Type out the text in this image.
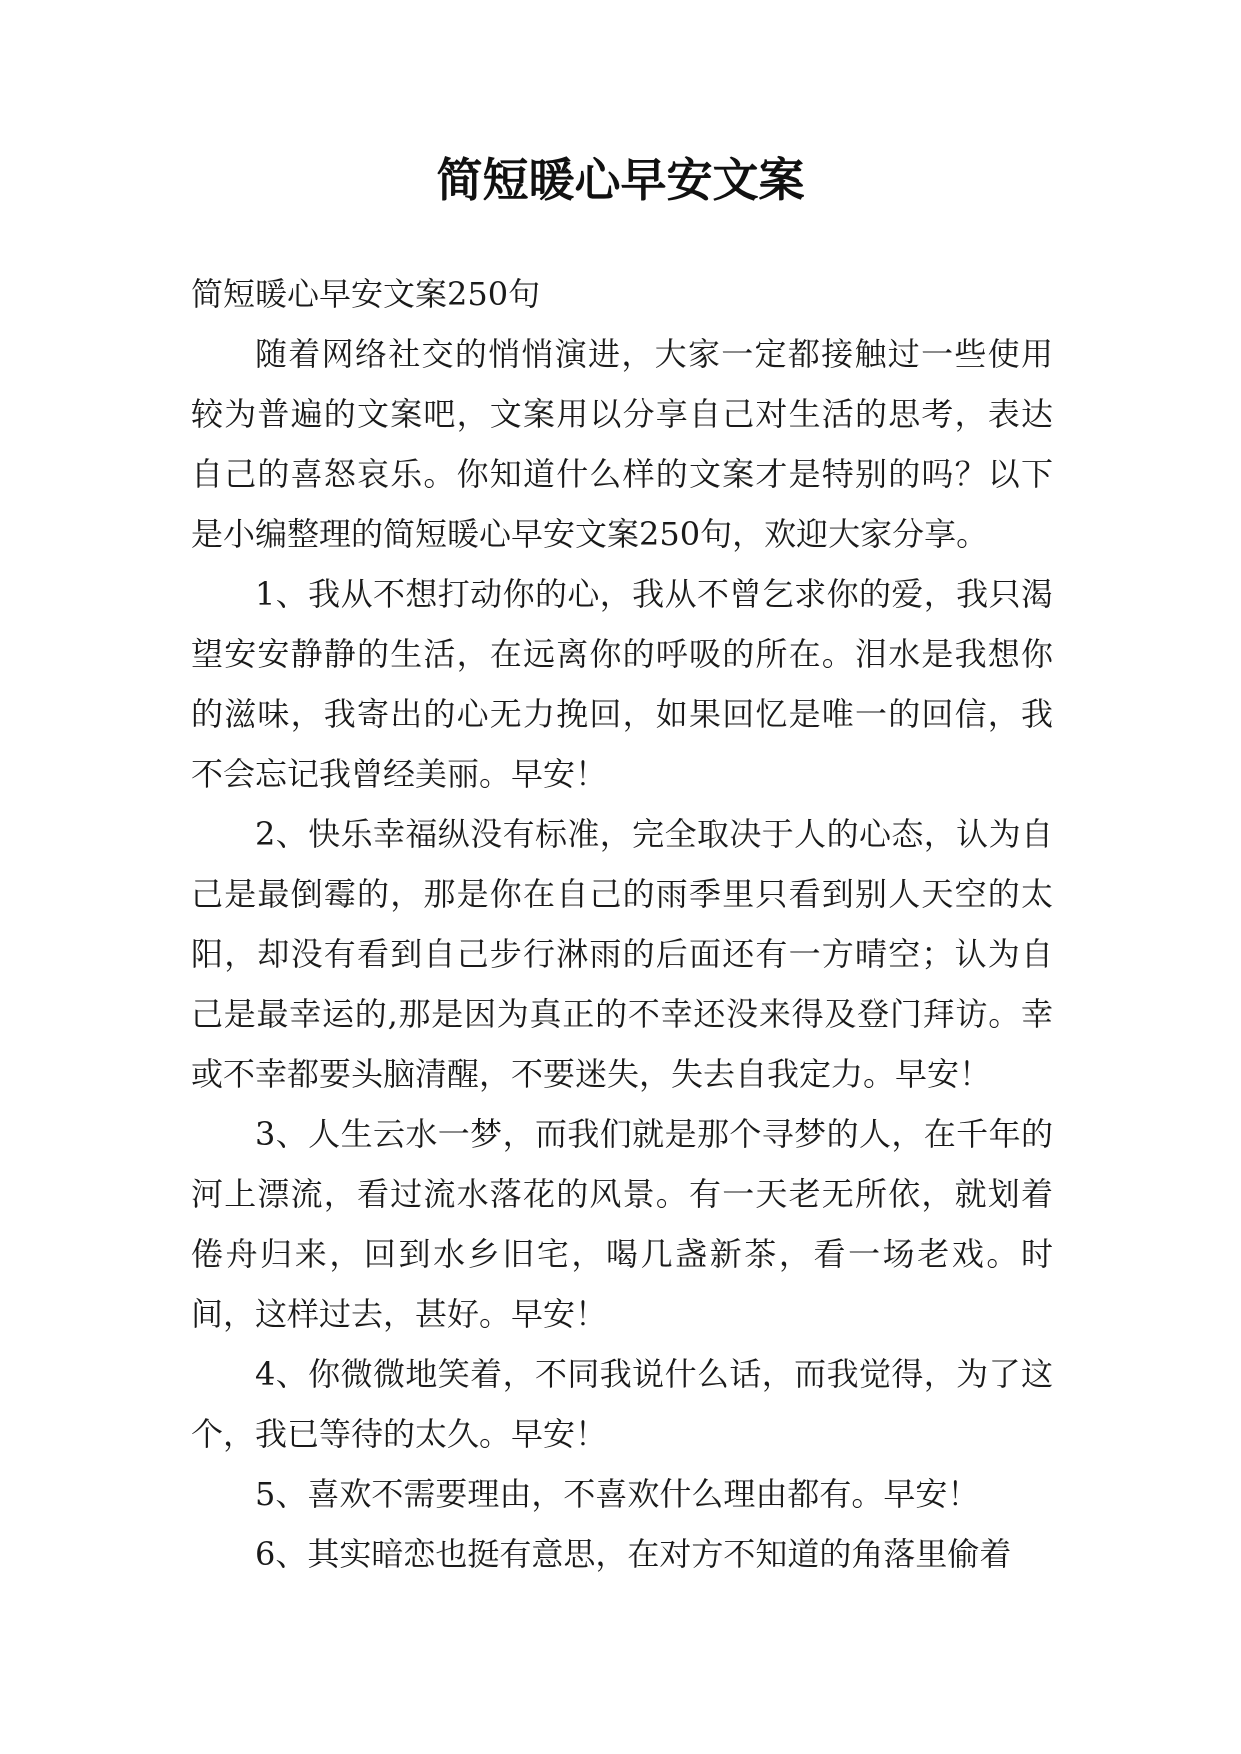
简短暖心早安文案

简短暖心早安文案250句

随着网络社交的悄悄演进，大家一定都接触过一些使用较为普遍的文案吧，文案用以分享自己对生活的思考，表达自己的喜怒哀乐。你知道什么样的文案才是特别的吗？以下是小编整理的简短暖心早安文案250句，欢迎大家分享。

1、我从不想打动你的心，我从不曾乞求你的爱，我只渴望安安静静的生活，在远离你的呼吸的所在。泪水是我想你的滋味，我寄出的心无力挽回，如果回忆是唯一的回信，我不会忘记我曾经美丽。早安！

2、快乐幸福纵没有标准，完全取决于人的心态，认为自己是最倒霉的，那是你在自己的雨季里只看到别人天空的太阳，却没有看到自己步行淋雨的后面还有一方晴空；认为自己是最幸运的,那是因为真正的不幸还没来得及登门拜访。幸或不幸都要头脑清醒，不要迷失，失去自我定力。早安！

3、人生云水一梦，而我们就是那个寻梦的人，在千年的河上漂流，看过流水落花的风景。有一天老无所依，就划着倦舟归来，回到水乡旧宅，喝几盏新茶，看一场老戏。时间，这样过去，甚好。早安！

4、你微微地笑着，不同我说什么话，而我觉得，为了这个，我已等待的太久。早安！

5、喜欢不需要理由，不喜欢什么理由都有。早安！

6、其实暗恋也挺有意思，在对方不知道的角落里偷着
